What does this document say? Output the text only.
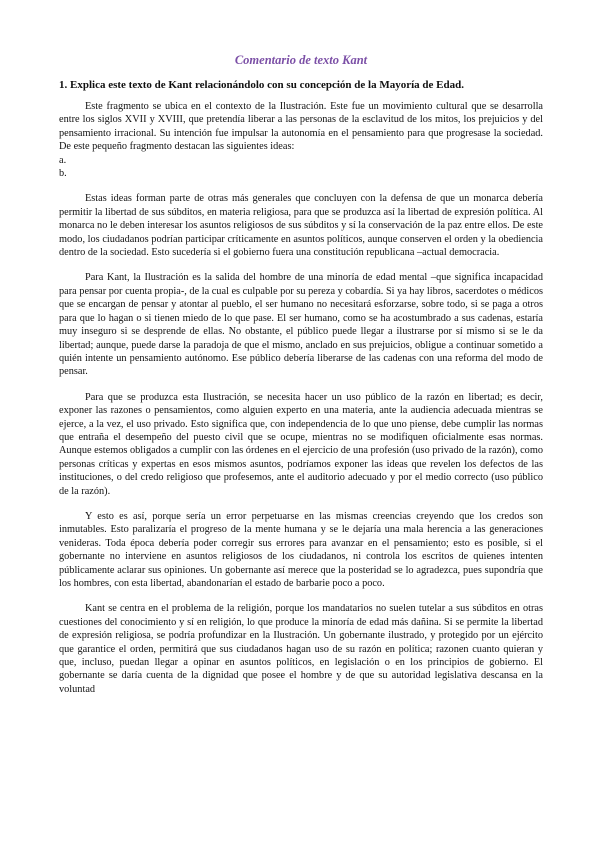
Comentario de texto Kant

1. Explica este texto de Kant relacionándolo con su concepción de la Mayoría de Edad.

Este fragmento se ubica en el contexto de la Ilustración. Este fue un movimiento cultural que se desarrolla entre los siglos XVII y XVIII, que pretendía liberar a las personas de la esclavitud de los mitos, los prejuicios y del pensamiento irracional. Su intención fue impulsar la autonomía en el pensamiento para que progresase la sociedad. De este pequeño fragmento destacan las siguientes ideas:

a.
b.

Estas ideas forman parte de otras más generales que concluyen con la defensa de que un monarca debería permitir la libertad de sus súbditos, en materia religiosa, para que se produzca así la libertad de expresión política. Al monarca no le deben interesar los asuntos religiosos de sus súbditos y sí la conservación de la paz entre ellos. De este modo, los ciudadanos podrían participar críticamente en asuntos políticos, aunque conserven el orden y la obediencia dentro de la sociedad. Esto sucedería si el gobierno fuera una constitución republicana –actual democracia.

Para Kant, la Ilustración es la salida del hombre de una minoría de edad mental –que significa incapacidad para pensar por cuenta propia-, de la cual es culpable por su pereza y cobardía. Si ya hay libros, sacerdotes o médicos que se encargan de pensar y atontar al pueblo, el ser humano no necesitará esforzarse, sobre todo, si se paga a otros para que lo hagan o si tienen miedo de lo que pase. El ser humano, como se ha acostumbrado a sus cadenas, estaría muy inseguro si se desprende de ellas. No obstante, el público puede llegar a ilustrarse por sí mismo si se le da libertad; aunque, puede darse la paradoja de que el mismo, anclado en sus prejuicios, obligue a continuar sometido a quién intente un pensamiento autónomo. Ese público debería liberarse de las cadenas con una reforma del modo de pensar.

Para que se produzca esta Ilustración, se necesita hacer un uso público de la razón en libertad; es decir, exponer las razones o pensamientos, como alguien experto en una materia, ante la audiencia adecuada mientras se ejerce, a la vez, el uso privado. Esto significa que, con independencia de lo que uno piense, debe cumplir las normas que entraña el desempeño del puesto civil que se ocupe, mientras no se modifiquen oficialmente esas normas. Aunque estemos obligados a cumplir con las órdenes en el ejercicio de una profesión (uso privado de la razón), como personas críticas y expertas en esos mismos asuntos, podríamos exponer las ideas que revelen los defectos de las instituciones, o del credo religioso que profesemos, ante el auditorio adecuado y por el medio correcto (uso público de la razón).

Y esto es así, porque sería un error perpetuarse en las mismas creencias creyendo que los credos son inmutables. Esto paralizaría el progreso de la mente humana y se le dejaría una mala herencia a las generaciones venideras. Toda época debería poder corregir sus errores para avanzar en el pensamiento; esto es posible, si el gobernante no interviene en asuntos religiosos de los ciudadanos, ni controla los escritos de quienes intenten públicamente aclarar sus opiniones. Un gobernante así merece que la posteridad se lo agradezca, pues supondría que los hombres, con esta libertad, abandonarían el estado de barbarie poco a poco.

Kant se centra en el problema de la religión, porque los mandatarios no suelen tutelar a sus súbditos en otras cuestiones del conocimiento y sí en religión, lo que produce la minoría de edad más dañina. Si se permite la libertad de expresión religiosa, se podría profundizar en la Ilustración. Un gobernante ilustrado, y protegido por un ejército que garantice el orden, permitirá que sus ciudadanos hagan uso de su razón en política; razonen cuanto quieran y que, incluso, puedan llegar a opinar en asuntos políticos, en legislación o en los principios de gobierno. El gobernante se daría cuenta de la dignidad que posee el hombre y de que su autoridad legislativa descansa en la voluntad
